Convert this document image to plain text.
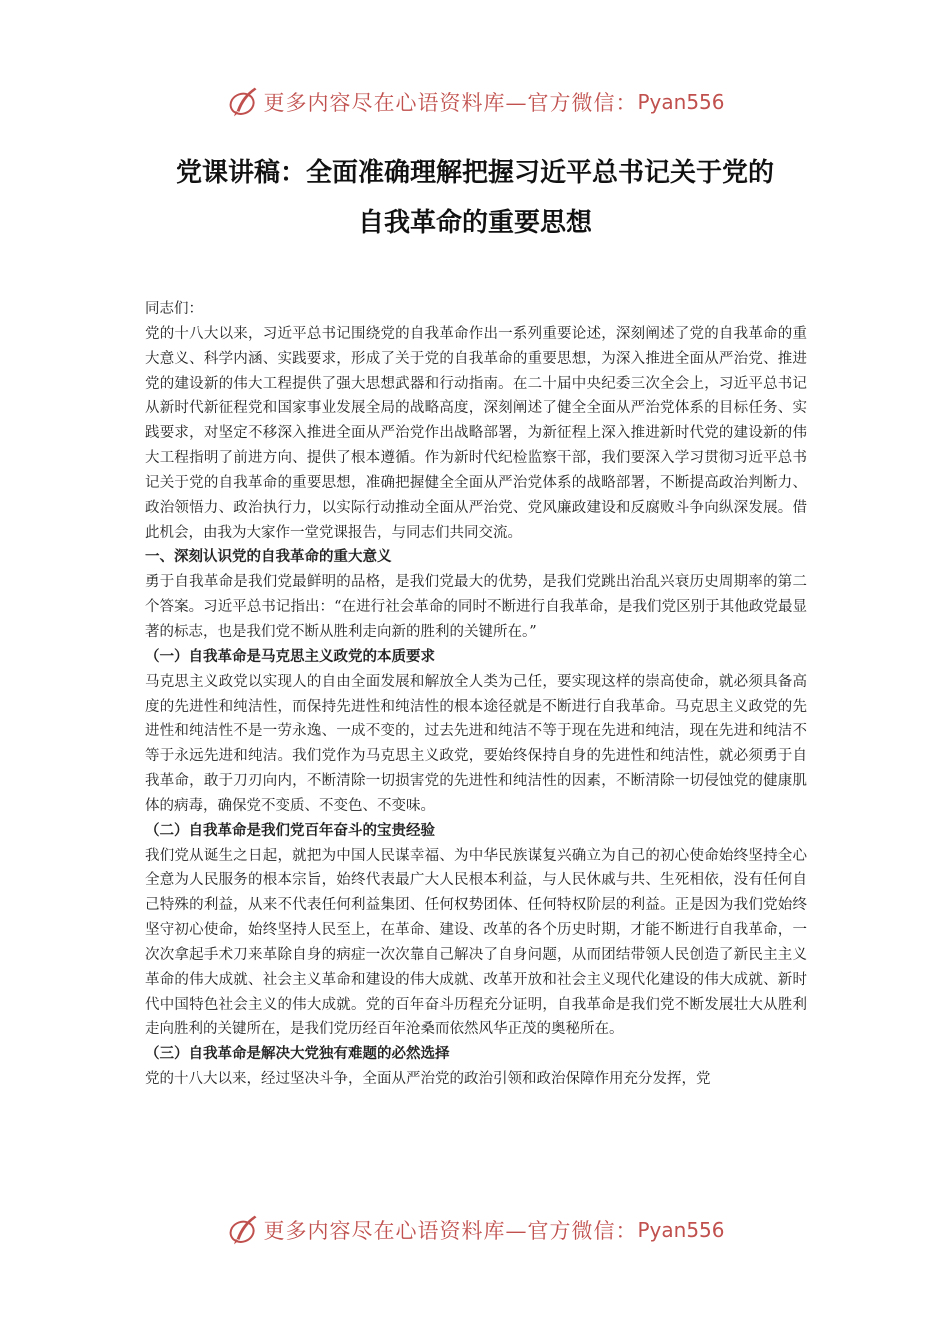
更多内容尽在心语资料库—官方微信： Pyan556
党课讲稿：全面准确理解把握习近平总书记关于党的
自我革命的重要思想

同志们：

党的十八大以来，习近平总书记围绕党的自我革命作出一系列重要论述，深刻阐述了党的自我革命的重大意义、科学内涵、实践要求，形成了关于党的自我革命的重要思想，为深入推进全面从严治党、推进党的建设新的伟大工程提供了强大思想武器和行动指南。在二十届中央纪委三次全会上，习近平总书记从新时代新征程党和国家事业发展全局的战略高度，深刻阐述了健全全面从严治党体系的目标任务、实践要求，对坚定不移深入推进全面从严治党作出战略部署，为新征程上深入推进新时代党的建设新的伟大工程指明了前进方向、提供了根本遵循。作为新时代纪检监察干部，我们要深入学习贯彻习近平总书记关于党的自我革命的重要思想，准确把握健全全面从严治党体系的战略部署，不断提高政治判断力、政治领悟力、政治执行力，以实际行动推动全面从严治党、党风廉政建设和反腐败斗争向纵深发展。借此机会，由我为大家作一堂党课报告，与同志们共同交流。

一、深刻认识党的自我革命的重大意义

勇于自我革命是我们党最鲜明的品格，是我们党最大的优势，是我们党跳出治乱兴衰历史周期率的第二个答案。习近平总书记指出：“在进行社会革命的同时不断进行自我革命，是我们党区别于其他政党最显著的标志，也是我们党不断从胜利走向新的胜利的关键所在。”

（一）自我革命是马克思主义政党的本质要求

马克思主义政党以实现人的自由全面发展和解放全人类为己任，要实现这样的崇高使命，就必须具备高度的先进性和纯洁性，而保持先进性和纯洁性的根本途径就是不断进行自我革命。马克思主义政党的先进性和纯洁性不是一劳永逸、一成不变的，过去先进和纯洁不等于现在先进和纯洁，现在先进和纯洁不等于永远先进和纯洁。我们党作为马克思主义政党，要始终保持自身的先进性和纯洁性，就必须勇于自我革命，敢于刀刃向内，不断清除一切损害党的先进性和纯洁性的因素，不断清除一切侵蚀党的健康肌体的病毒，确保党不变质、不变色、不变味。

（二）自我革命是我们党百年奋斗的宝贵经验

我们党从诞生之日起，就把为中国人民谋幸福、为中华民族谋复兴确立为自己的初心使命始终坚持全心全意为人民服务的根本宗旨，始终代表最广大人民根本利益，与人民休戚与共、生死相依，没有任何自己特殊的利益，从来不代表任何利益集团、任何权势团体、任何特权阶层的利益。正是因为我们党始终坚守初心使命，始终坚持人民至上，在革命、建设、改革的各个历史时期，才能不断进行自我革命，一次次拿起手术刀来革除自身的病症一次次靠自己解决了自身问题，从而团结带领人民创造了新民主主义革命的伟大成就、社会主义革命和建设的伟大成就、改革开放和社会主义现代化建设的伟大成就、新时代中国特色社会主义的伟大成就。党的百年奋斗历程充分证明，自我革命是我们党不断发展壮大从胜利走向胜利的关键所在，是我们党历经百年沧桑而依然风华正茂的奥秘所在。

（三）自我革命是解决大党独有难题的必然选择

党的十八大以来，经过坚决斗争，全面从严治党的政治引领和政治保障作用充分发挥，党

更多内容尽在心语资料库—官方微信： Pyan556
